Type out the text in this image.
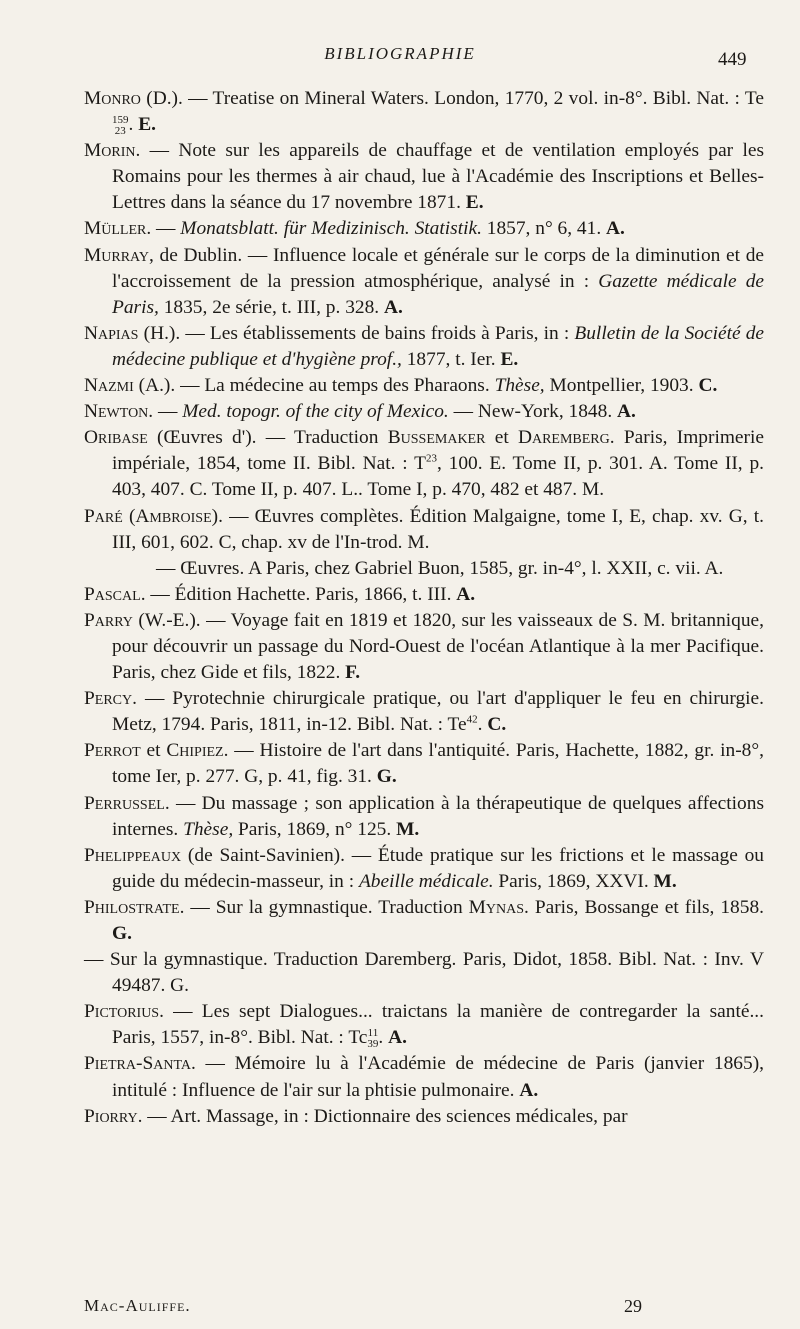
BIBLIOGRAPHIE	449

Monro (D.). — Treatise on Mineral Waters. London, 1770, 2 vol. in-8°. Bibl. Nat. : Te
159
23 . E.

Morin. — Note sur les appareils de chauffage et de ventilation employés par les Romains pour les thermes à air chaud, lue à l'Académie des Inscriptions et Belles-Lettres dans la séance du 17 novembre 1871. E.

Müller. — Monatsblatt. für Medizinisch. Statistik. 1857, n° 6, 41. A.

Murray, de Dublin. — Influence locale et générale sur le corps de la diminution et de l'accroissement de la pression atmosphérique, analysé in : Gazette médicale de Paris, 1835, 2e série, t. III, p. 328. A.

Napias (H.). — Les établissements de bains froids à Paris, in : Bulletin de la Société de médecine publique et d'hygiène prof., 1877, t. Ier. E.

Nazmi (A.). — La médecine au temps des Pharaons. Thèse, Montpellier, 1903. C.

Newton. — Med. topogr. of the city of Mexico. — New-York, 1848. A.

Oribase (Œuvres d'). — Traduction Bussemaker et Daremberg. Paris, Imprimerie impériale, 1854, tome II. Bibl. Nat. : $T^{23}$, 100. E. Tome II, p. 301. A. Tome II, p. 403, 407. C. Tome II, p. 407. L.. Tome I, p. 470, 482 et 487. M.

Paré (Ambroise). — Œuvres complètes. Édition Malgaigne, tome I, E, chap. xv. G, t. III, 601, 602. C, chap. xv de l'In-trod. M.

— Œuvres. A Paris, chez Gabriel Buon, 1585, gr. in-4°, l. XXII, c. vii. A.

Pascal. — Édition Hachette. Paris, 1866, t. III. A.

Parry (W.-E.). — Voyage fait en 1819 et 1820, sur les vaisseaux de S. M. britannique, pour découvrir un passage du Nord-Ouest de l'océan Atlantique à la mer Pacifique. Paris, chez Gide et fils, 1822. F.

Percy. — Pyrotechnie chirurgicale pratique, ou l'art d'appliquer le feu en chirurgie. Metz, 1794. Paris, 1811, in-12. Bibl. Nat. : Te$^{42}$. C.

Perrot et Chipiez. — Histoire de l'art dans l'antiquité. Paris, Hachette, 1882, gr. in-8°, tome Ier, p. 277. G, p. 41, fig. 31. G.

Perrussel. — Du massage ; son application à la thérapeutique de quelques affections internes. Thèse, Paris, 1869, n° 125. M.

Phelippeaux (de Saint-Savinien). — Étude pratique sur les frictions et le massage ou guide du médecin-masseur, in : Abeille médicale. Paris, 1869, XXVI. M.

Philostrate. — Sur la gymnastique. Traduction Mynas. Paris, Bossange et fils, 1858. G.

— Sur la gymnastique. Traduction Daremberg. Paris, Didot, 1858. Bibl. Nat. : Inv. V 49487. G.

Pictorius. — Les sept Dialogues... traictans la manière de contregarder la santé... Paris, 1557, in-8°. Bibl. Nat. : Tc 11
39 . A.

Pietra-Santa. — Mémoire lu à l'Académie de médecine de Paris (janvier 1865), intitulé : Influence de l'air sur la phtisie pulmonaire. A.

Piorry. — Art. Massage, in : Dictionnaire des sciences médicales, par

Mac-Auliffe.	29
